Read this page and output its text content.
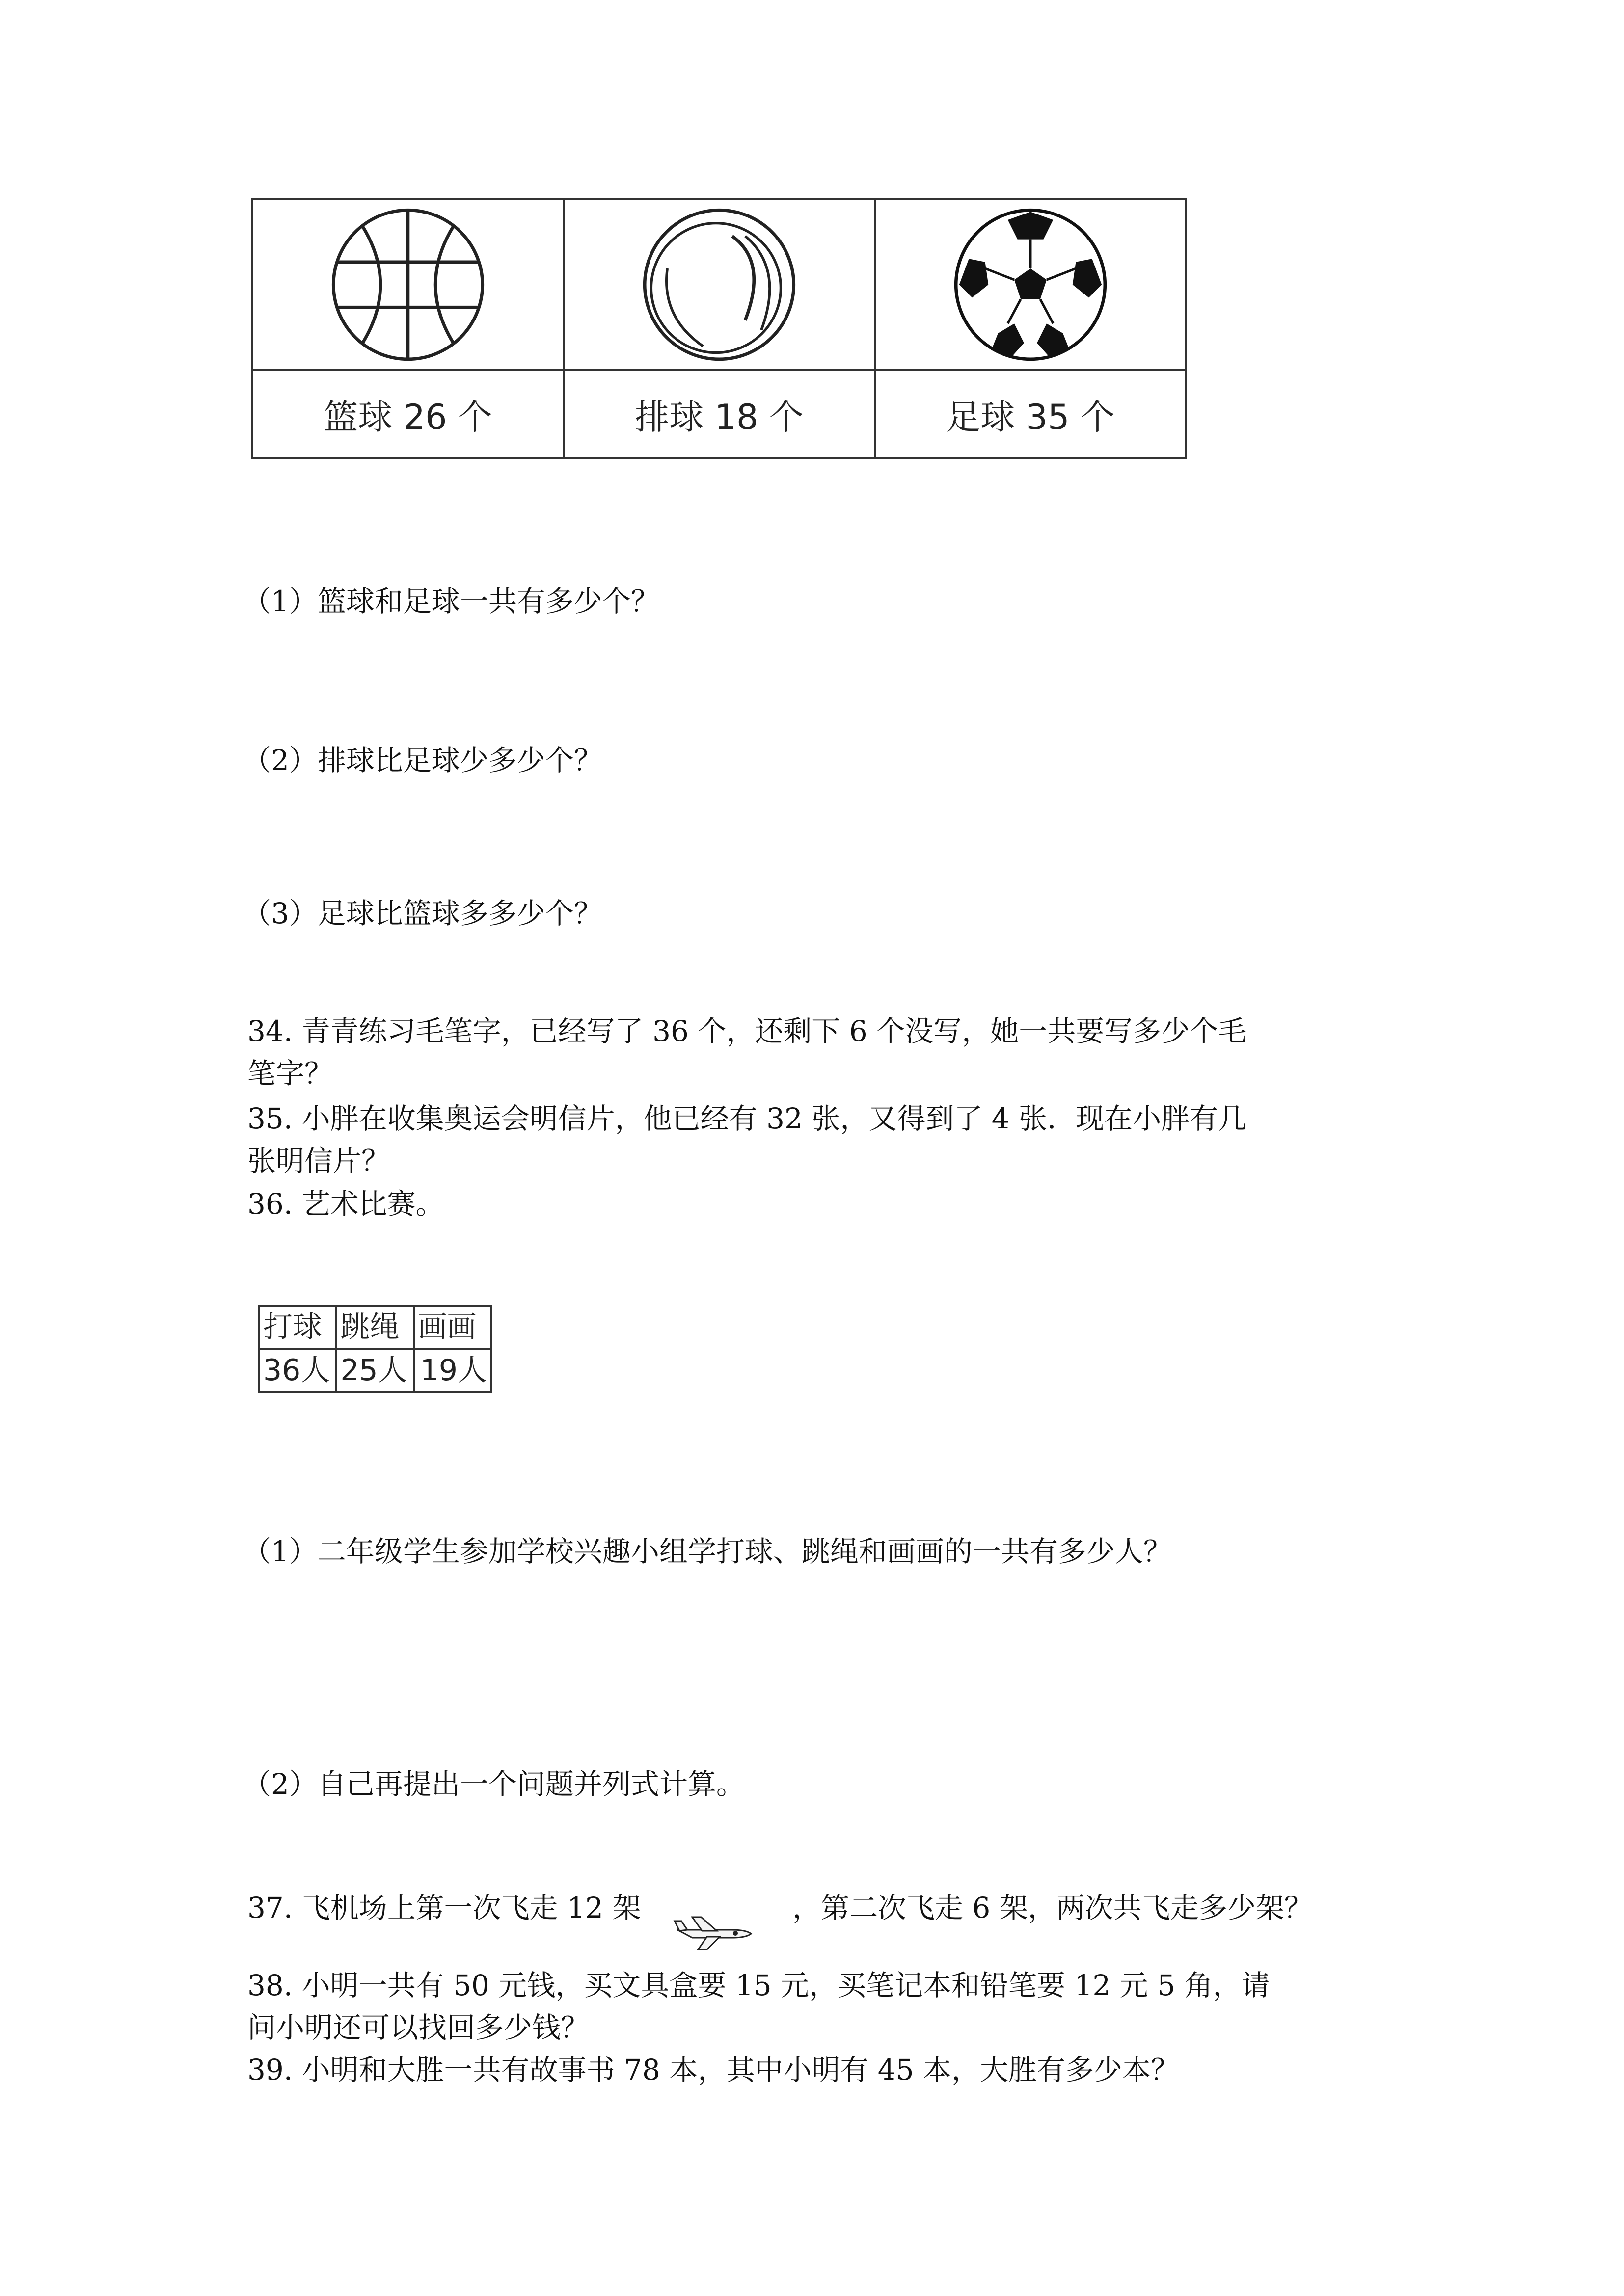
篮球 26 个	排球 18 个	足球 35 个
（1）篮球和足球一共有多少个？
（2）排球比足球少多少个？
（3）足球比篮球多多少个？
34. 青青练习毛笔字，已经写了 36 个，还剩下 6 个没写，她一共要写多少个毛
笔字？
35. 小胖在收集奥运会明信片，他已经有 32 张，又得到了 4 张．现在小胖有几
张明信片？
36. 艺术比赛。
打球	跳绳	画画
36人	25人	19人
（1）二年级学生参加学校兴趣小组学打球、跳绳和画画的一共有多少人？
（2）自己再提出一个问题并列式计算。
37. 飞机场上第一次飞走 12 架	，第二次飞走 6 架，两次共飞走多少架？
38. 小明一共有 50 元钱，买文具盒要 15 元，买笔记本和铅笔要 12 元 5 角，请
问小明还可以找回多少钱？
39. 小明和大胜一共有故事书 78 本，其中小明有 45 本，大胜有多少本？
